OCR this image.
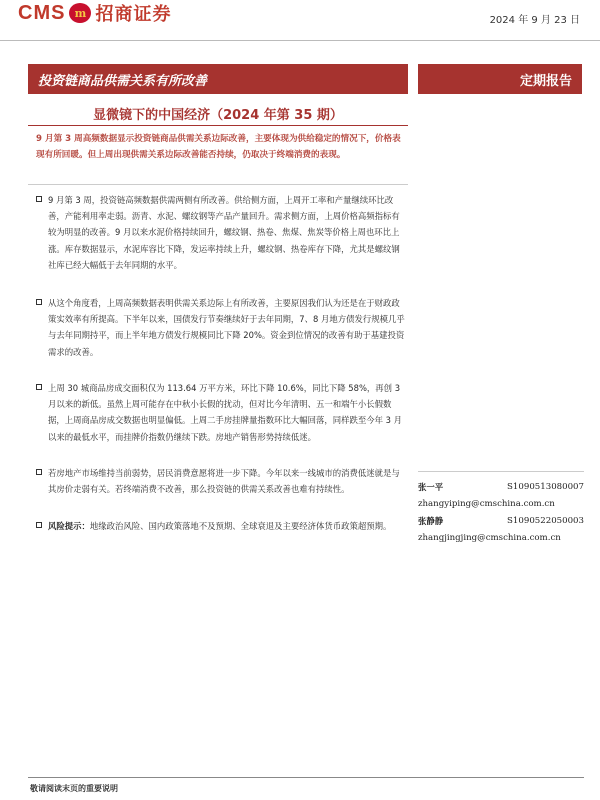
CMS m 招商证券	2024 年 9 月 23 日
投资链商品供需关系有所改善
显微镜下的中国经济（2024 年第 35 期）
9 月第 3 周高频数据显示投资链商品供需关系边际改善，主要体现为供给稳定的情况下，价格表现有所回暖。但上周出现供需关系边际改善能否持续，仍取决于终端消费的表现。
9 月第 3 周，投资链高频数据供需两侧有所改善。供给侧方面，上周开工率和产量继续环比改善，产能利用率走弱。沥青、水泥、螺纹钢等产品产量回升。需求侧方面，上周价格高频指标有较为明显的改善。9 月以来水泥价格持续回升，螺纹钢、热卷、焦煤、焦炭等价格上周也环比上涨。库存数据显示，水泥库容比下降，发运率持续上升，螺纹钢、热卷库存下降，尤其是螺纹钢社库已经大幅低于去年同期的水平。
从这个角度看，上周高频数据表明供需关系边际上有所改善，主要原因我们认为还是在于财政政策实效率有所提高。下半年以来，国债发行节奏继续好于去年同期，7、8 月地方债发行规模几乎与去年同期持平，而上半年地方债发行规模同比下降 20%。资金到位情况的改善有助于基建投资需求的改善。
上周 30 城商品房成交面积仅为 113.64 万平方米，环比下降 10.6%，同比下降 58%，再创 3 月以来的新低。虽然上周可能存在中秋小长假的扰动，但对比今年清明、五一和端午小长假数据，上周商品房成交数据也明显偏低。上周二手房挂牌量指数环比大幅回落，同样跌至今年 3 月以来的最低水平，而挂牌价指数仍继续下跌。房地产销售形势持续低迷。
若房地产市场维持当前弱势，居民消费意愿将进一步下降。今年以来一线城市的消费低迷就是与其房价走弱有关。若终端消费不改善，那么投资链的供需关系改善也难有持续性。
风险提示：地缘政治风险、国内政策落地不及预期、全球衰退及主要经济体货币政策超预期。
定期报告
张一平	S1090513080007
zhangyiping@cmschina.com.cn
张静静	S1090522050003
zhangjingjing@cmschina.com.cn
敬请阅读末页的重要说明
